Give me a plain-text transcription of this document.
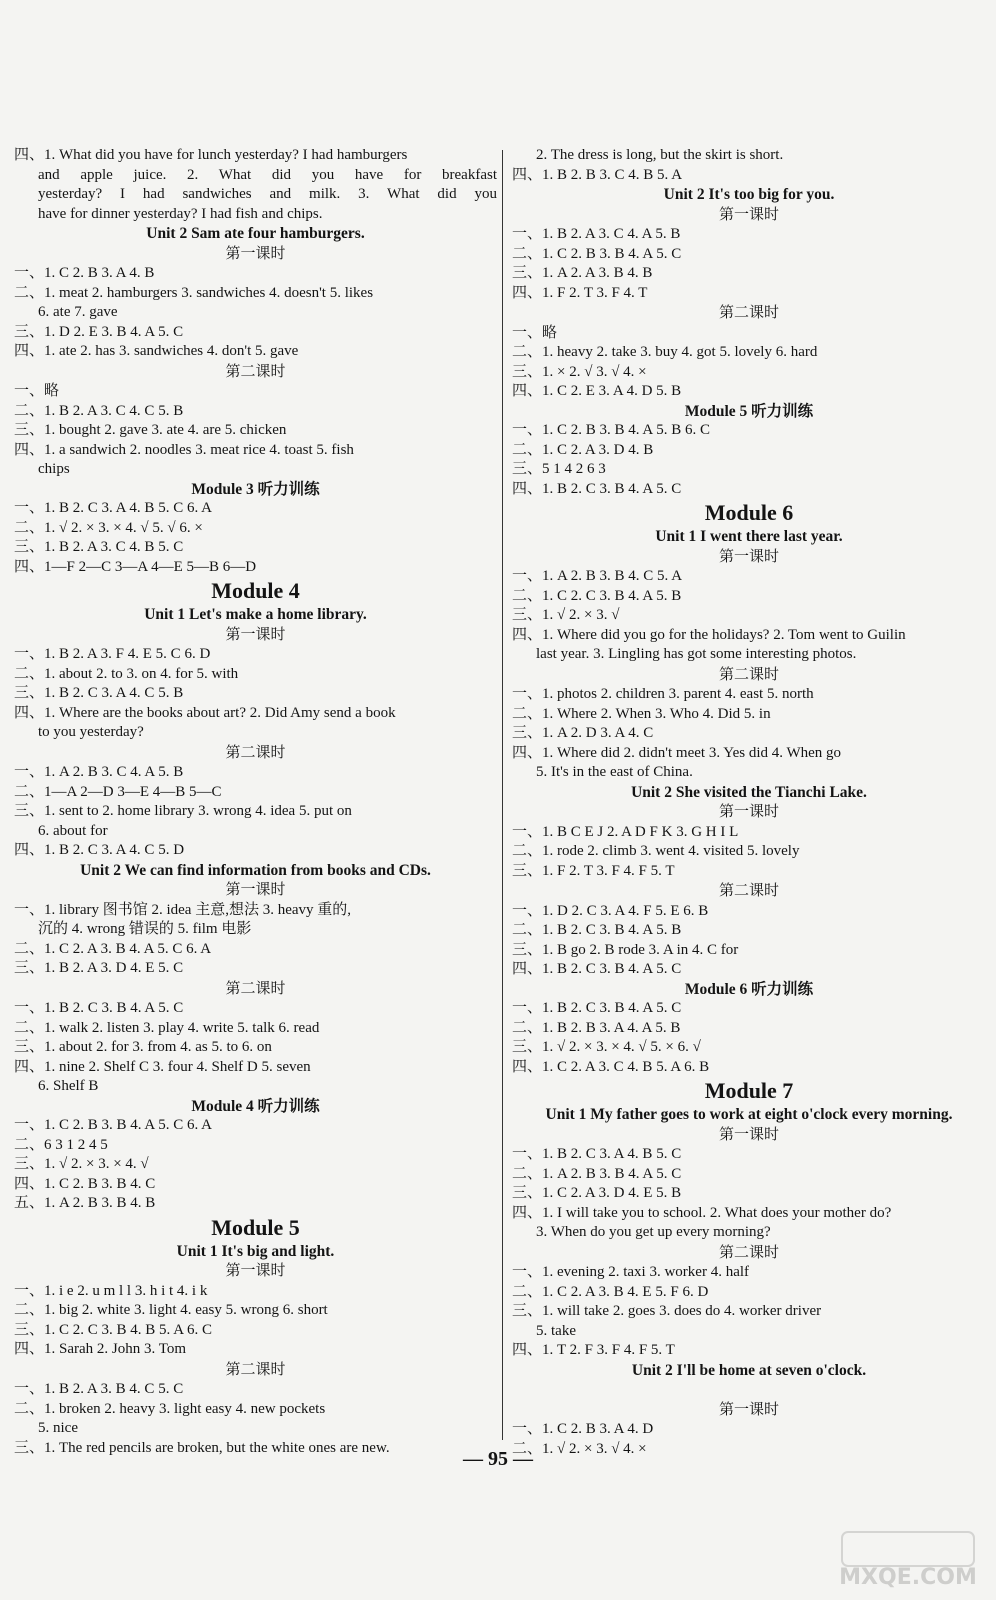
四、1. What did you have for lunch yesterday? I had hamburgers
and apple juice. 2. What did you have for breakfast
yesterday? I had sandwiches and milk. 3. What did you
have for dinner yesterday? I had fish and chips.
Unit 2 Sam ate four hamburgers.
第一课时
一、1. C 2. B 3. A 4. B
二、1. meat 2. hamburgers 3. sandwiches 4. doesn't 5. likes
6. ate 7. gave
三、1. D 2. E 3. B 4. A 5. C
四、1. ate 2. has 3. sandwiches 4. don't 5. gave
第二课时
一、略
二、1. B 2. A 3. C 4. C 5. B
三、1. bought 2. gave 3. ate 4. are 5. chicken
四、1. a sandwich 2. noodles 3. meat rice 4. toast 5. fish
chips
Module 3 听力训练
一、1. B 2. C 3. A 4. B 5. C 6. A
二、1. √ 2. × 3. × 4. √ 5. √ 6. ×
三、1. B 2. A 3. C 4. B 5. C
四、1—F 2—C 3—A 4—E 5—B 6—D
Module 4
Unit 1 Let's make a home library.
第一课时
一、1. B 2. A 3. F 4. E 5. C 6. D
二、1. about 2. to 3. on 4. for 5. with
三、1. B 2. C 3. A 4. C 5. B
四、1. Where are the books about art? 2. Did Amy send a book
to you yesterday?
第二课时
一、1. A 2. B 3. C 4. A 5. B
二、1—A 2—D 3—E 4—B 5—C
三、1. sent to 2. home library 3. wrong 4. idea 5. put on
6. about for
四、1. B 2. C 3. A 4. C 5. D
Unit 2 We can find information from books and CDs.
第一课时
一、1. library 图书馆 2. idea 主意,想法 3. heavy 重的,
沉的 4. wrong 错误的 5. film 电影
二、1. C 2. A 3. B 4. A 5. C 6. A
三、1. B 2. A 3. D 4. E 5. C
第二课时
一、1. B 2. C 3. B 4. A 5. C
二、1. walk 2. listen 3. play 4. write 5. talk 6. read
三、1. about 2. for 3. from 4. as 5. to 6. on
四、1. nine 2. Shelf C 3. four 4. Shelf D 5. seven
6. Shelf B
Module 4 听力训练
一、1. C 2. B 3. B 4. A 5. C 6. A
二、6 3 1 2 4 5
三、1. √ 2. × 3. × 4. √
四、1. C 2. B 3. B 4. C
五、1. A 2. B 3. B 4. B
Module 5
Unit 1 It's big and light.
第一课时
一、1. i e 2. u m l l 3. h i t 4. i k
二、1. big 2. white 3. light 4. easy 5. wrong 6. short
三、1. C 2. C 3. B 4. B 5. A 6. C
四、1. Sarah 2. John 3. Tom
第二课时
一、1. B 2. A 3. B 4. C 5. C
二、1. broken 2. heavy 3. light easy 4. new pockets
5. nice
三、1. The red pencils are broken, but the white ones are new.
2. The dress is long, but the skirt is short.
四、1. B 2. B 3. C 4. B 5. A
Unit 2 It's too big for you.
第一课时
一、1. B 2. A 3. C 4. A 5. B
二、1. C 2. B 3. B 4. A 5. C
三、1. A 2. A 3. B 4. B
四、1. F 2. T 3. F 4. T
第二课时
一、略
二、1. heavy 2. take 3. buy 4. got 5. lovely 6. hard
三、1. × 2. √ 3. √ 4. ×
四、1. C 2. E 3. A 4. D 5. B
Module 5 听力训练
一、1. C 2. B 3. B 4. A 5. B 6. C
二、1. C 2. A 3. D 4. B
三、5 1 4 2 6 3
四、1. B 2. C 3. B 4. A 5. C
Module 6
Unit 1 I went there last year.
第一课时
一、1. A 2. B 3. B 4. C 5. A
二、1. C 2. C 3. B 4. A 5. B
三、1. √ 2. × 3. √
四、1. Where did you go for the holidays? 2. Tom went to Guilin
last year. 3. Lingling has got some interesting photos.
第二课时
一、1. photos 2. children 3. parent 4. east 5. north
二、1. Where 2. When 3. Who 4. Did 5. in
三、1. A 2. D 3. A 4. C
四、1. Where did 2. didn't meet 3. Yes did 4. When go
5. It's in the east of China.
Unit 2 She visited the Tianchi Lake.
第一课时
一、1. B C E J 2. A D F K 3. G H I L
二、1. rode 2. climb 3. went 4. visited 5. lovely
三、1. F 2. T 3. F 4. F 5. T
第二课时
一、1. D 2. C 3. A 4. F 5. E 6. B
二、1. B 2. C 3. B 4. A 5. B
三、1. B go 2. B rode 3. A in 4. C for
四、1. B 2. C 3. B 4. A 5. C
Module 6 听力训练
一、1. B 2. C 3. B 4. A 5. C
二、1. B 2. B 3. A 4. A 5. B
三、1. √ 2. × 3. × 4. √ 5. × 6. √
四、1. C 2. A 3. C 4. B 5. A 6. B
Module 7
Unit 1 My father goes to work at eight o'clock every morning.
第一课时
一、1. B 2. C 3. A 4. B 5. C
二、1. A 2. B 3. B 4. A 5. C
三、1. C 2. A 3. D 4. E 5. B
四、1. I will take you to school. 2. What does your mother do?
3. When do you get up every morning?
第二课时
一、1. evening 2. taxi 3. worker 4. half
二、1. C 2. A 3. B 4. E 5. F 6. D
三、1. will take 2. goes 3. does do 4. worker driver
5. take
四、1. T 2. F 3. F 4. F 5. T
Unit 2 I'll be home at seven o'clock.

第一课时
一、1. C 2. B 3. A 4. D
二、1. √ 2. × 3. √ 4. ×
— 95 —
MXQE.COM
